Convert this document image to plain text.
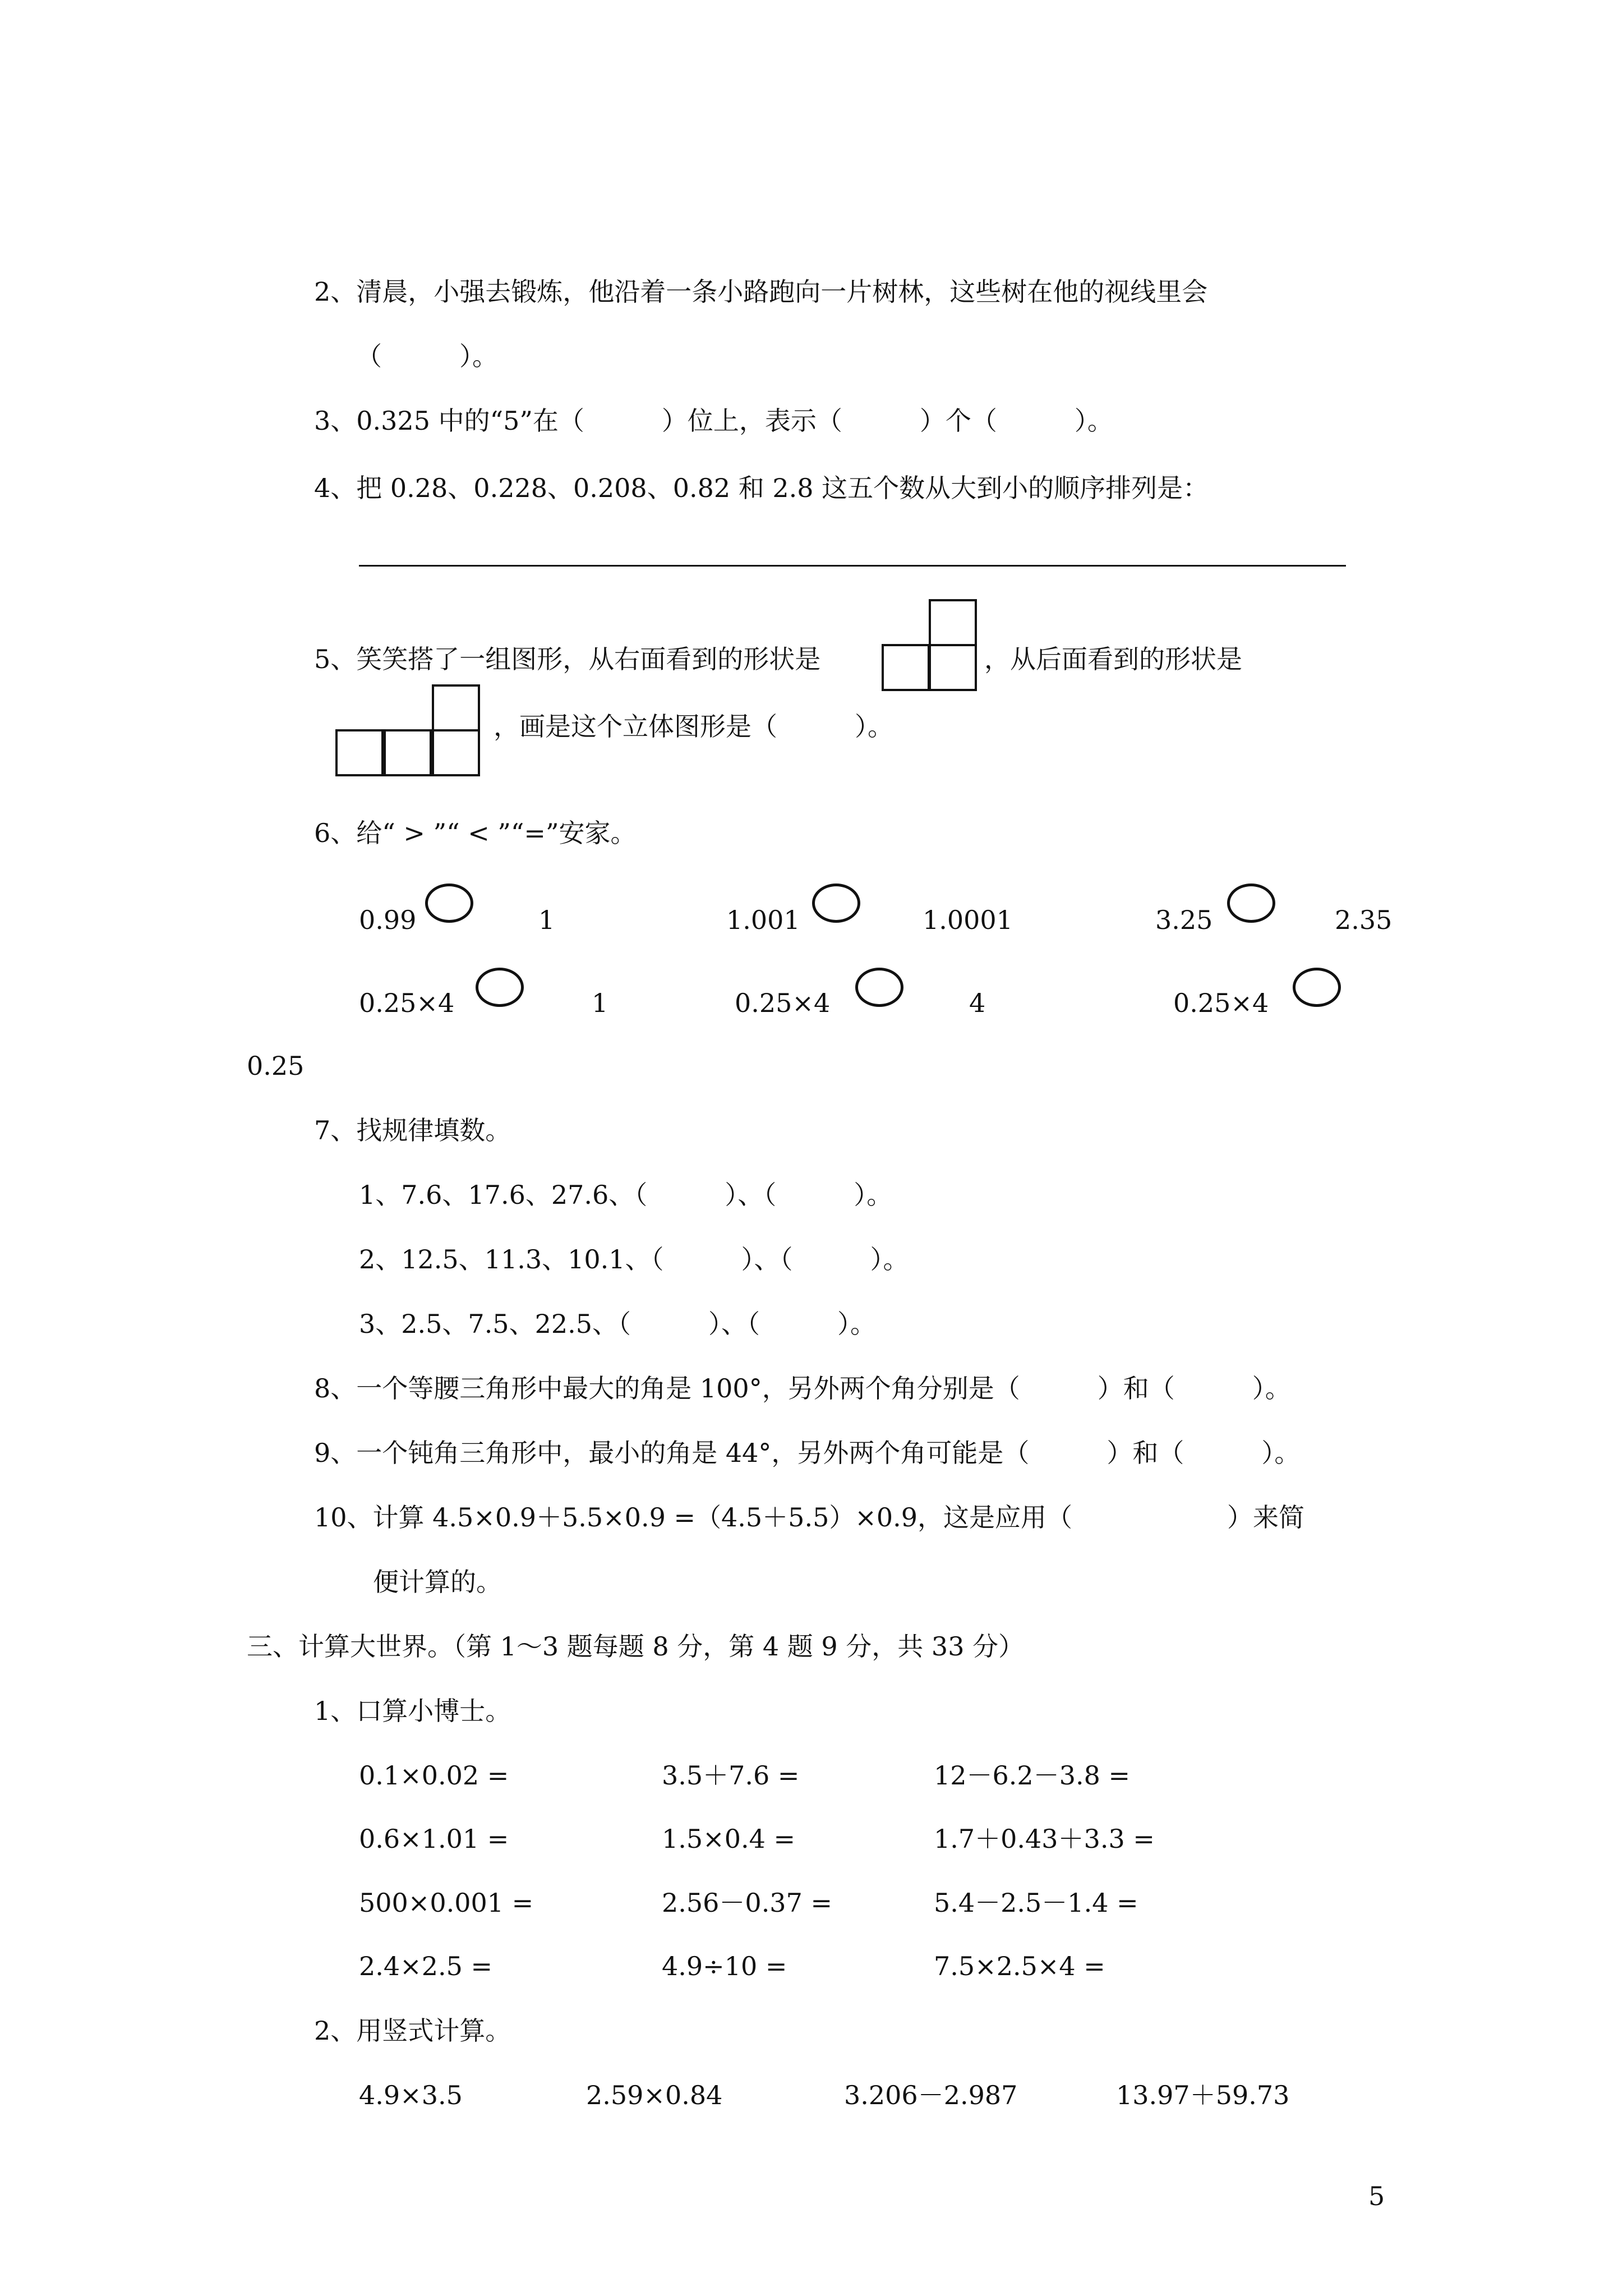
2、清晨，小强去锻炼，他沿着一条小路跑向一片树林，这些树在他的视线里会
（　　　）。
3、0.325 中的“5”在（　　　）位上，表示（　　　）个（　　　）。
4、把 0.28、0.228、0.208、0.82 和 2.8 这五个数从大到小的顺序排列是：
5、笑笑搭了一组图形，从右面看到的形状是	，从后面看到的形状是
，画是这个立体图形是（　　　）。
6、给“ > ”“ < ”“=”安家。
0.99	1	1.001	1.0001	3.25	2.35
0.25×4	1	0.25×4	4	0.25×4
0.25
7、找规律填数。
1、7.6、17.6、27.6、（　　　）、（　　　）。
2、12.5、11.3、10.1、（　　　）、（　　　）。
3、2.5、7.5、22.5、（　　　）、（　　　）。
8、一个等腰三角形中最大的角是 100°，另外两个角分别是（　　　）和（　　　）。
9、一个钝角三角形中，最小的角是 44°，另外两个角可能是（　　　）和（　　　）。
10、计算 4.5×0.9＋5.5×0.9 =（4.5＋5.5）×0.9，这是应用（　　　　　　）来简
便计算的。
三、计算大世界。（第 1～3 题每题 8 分，第 4 题 9 分，共 33 分）
1、口算小博士。
0.1×0.02 =	3.5＋7.6 =	12－6.2－3.8 =
0.6×1.01 =	1.5×0.4 =	1.7＋0.43＋3.3 =
500×0.001 =	2.56－0.37 =	5.4－2.5－1.4 =
2.4×2.5 =	4.9÷10 =	7.5×2.5×4 =
2、用竖式计算。
4.9×3.5	2.59×0.84	3.206－2.987	13.97＋59.73
5
